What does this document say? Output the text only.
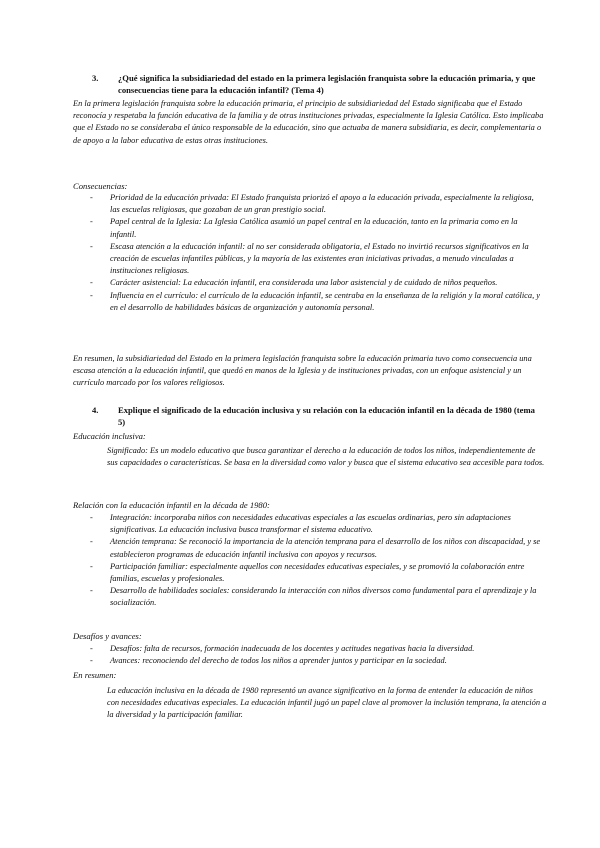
3. ¿Qué significa la subsidiariedad del estado en la primera legislación franquista sobre la educación primaria, y que consecuencias tiene para la educación infantil? (Tema 4)
En la primera legislación franquista sobre la educación primaria, el principio de subsidiariedad del Estado significaba que el Estado reconocía y respetaba la función educativa de la familia y de otras instituciones privadas, especialmente la Iglesia Católica. Esto implicaba que el Estado no se consideraba el único responsable de la educación, sino que actuaba de manera subsidiaria, es decir, complementaria o de apoyo a la labor educativa de estas otras instituciones.
Consecuencias:
- Prioridad de la educación privada: El Estado franquista priorizó el apoyo a la educación privada, especialmente la religiosa, las escuelas religiosas, que gozaban de un gran prestigio social.
- Papel central de la Iglesia: La Iglesia Católica asumió un papel central en la educación, tanto en la primaria como en la infantil.
- Escasa atención a la educación infantil: al no ser considerada obligatoria, el Estado no invirtió recursos significativos en la creación de escuelas infantiles públicas, y la mayoría de las existentes eran iniciativas privadas, a menudo vinculadas a instituciones religiosas.
- Carácter asistencial: La educación infantil, era considerada una labor asistencial y de cuidado de niños pequeños.
- Influencia en el currículo: el currículo de la educación infantil, se centraba en la enseñanza de la religión y la moral católica, y en el desarrollo de habilidades básicas de organización y autonomía personal.
En resumen, la subsidiariedad del Estado en la primera legislación franquista sobre la educación primaria tuvo como consecuencia una escasa atención a la educación infantil, que quedó en manos de la Iglesia y de instituciones privadas, con un enfoque asistencial y un currículo marcado por los valores religiosos.
4. Explique el significado de la educación inclusiva y su relación con la educación infantil en la década de 1980 (tema 5)
Educación inclusiva:
Significado: Es un modelo educativo que busca garantizar el derecho a la educación de todos los niños, independientemente de sus capacidades o características. Se basa en la diversidad como valor y busca que el sistema educativo sea accesible para todos.
Relación con la educación infantil en la década de 1980:
- Integración: incorporaba niños con necesidades educativas especiales a las escuelas ordinarias, pero sin adaptaciones significativas. La educación inclusiva busca transformar el sistema educativo.
- Atención temprana: Se reconoció la importancia de la atención temprana para el desarrollo de los niños con discapacidad, y se establecieron programas de educación infantil inclusiva con apoyos y recursos.
- Participación familiar: especialmente aquellos con necesidades educativas especiales, y se promovió la colaboración entre familias, escuelas y profesionales.
- Desarrollo de habilidades sociales: considerando la interacción con niños diversos como fundamental para el aprendizaje y la socialización.
Desafíos y avances:
- Desafíos: falta de recursos, formación inadecuada de los docentes y actitudes negativas hacia la diversidad.
- Avances: reconociendo del derecho de todos los niños a aprender juntos y participar en la sociedad.
En resumen:
La educación inclusiva en la década de 1980 representó un avance significativo en la forma de entender la educación de niños con necesidades educativas especiales. La educación infantil jugó un papel clave al promover la inclusión temprana, la atención a la diversidad y la participación familiar.
